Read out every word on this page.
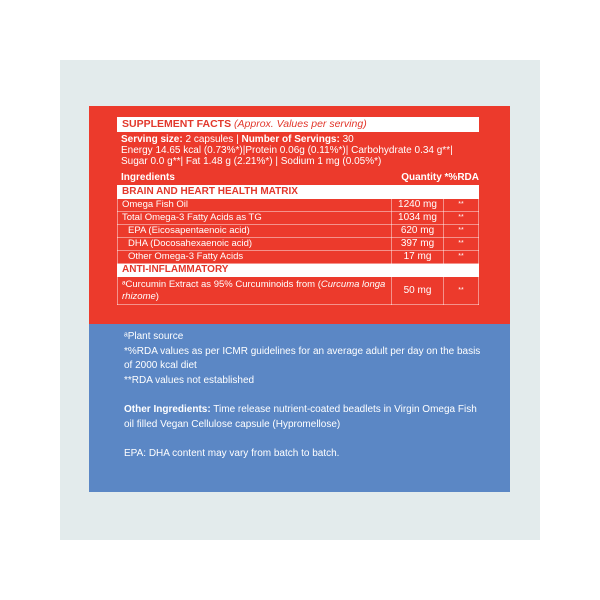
SUPPLEMENT FACTS (Approx. Values per serving)
Serving size: 2 capsules | Number of Servings: 30
Energy 14.65 kcal (0.73%*)|Protein 0.06g (0.11%*)| Carbohydrate 0.34 g**|
Sugar 0.0 g**| Fat 1.48 g (2.21%*) | Sodium 1 mg (0.05%*)
Ingredients	Quantity *%RDA
BRAIN AND HEART HEALTH MATRIX		
Omega Fish Oil	1240 mg	**
Total Omega-3 Fatty Acids as TG	1034 mg	**
EPA (Eicosapentaenoic acid)	620 mg	**
DHA (Docosahexaenoic acid)	397 mg	**
Other Omega-3 Fatty Acids	17 mg	**
ANTI-INFLAMMATORY		
ᵃCurcumin Extract as 95% Curcuminoids from (Curcuma longa rhizome)	50 mg	**

ᵃPlant source

*%RDA values as per ICMR guidelines for an average adult per day on the basis of 2000 kcal diet

**RDA values not established

Other Ingredients: Time release nutrient-coated beadlets in Virgin Omega Fish oil filled Vegan Cellulose capsule (Hypromellose)

EPA: DHA content may vary from batch to batch.
